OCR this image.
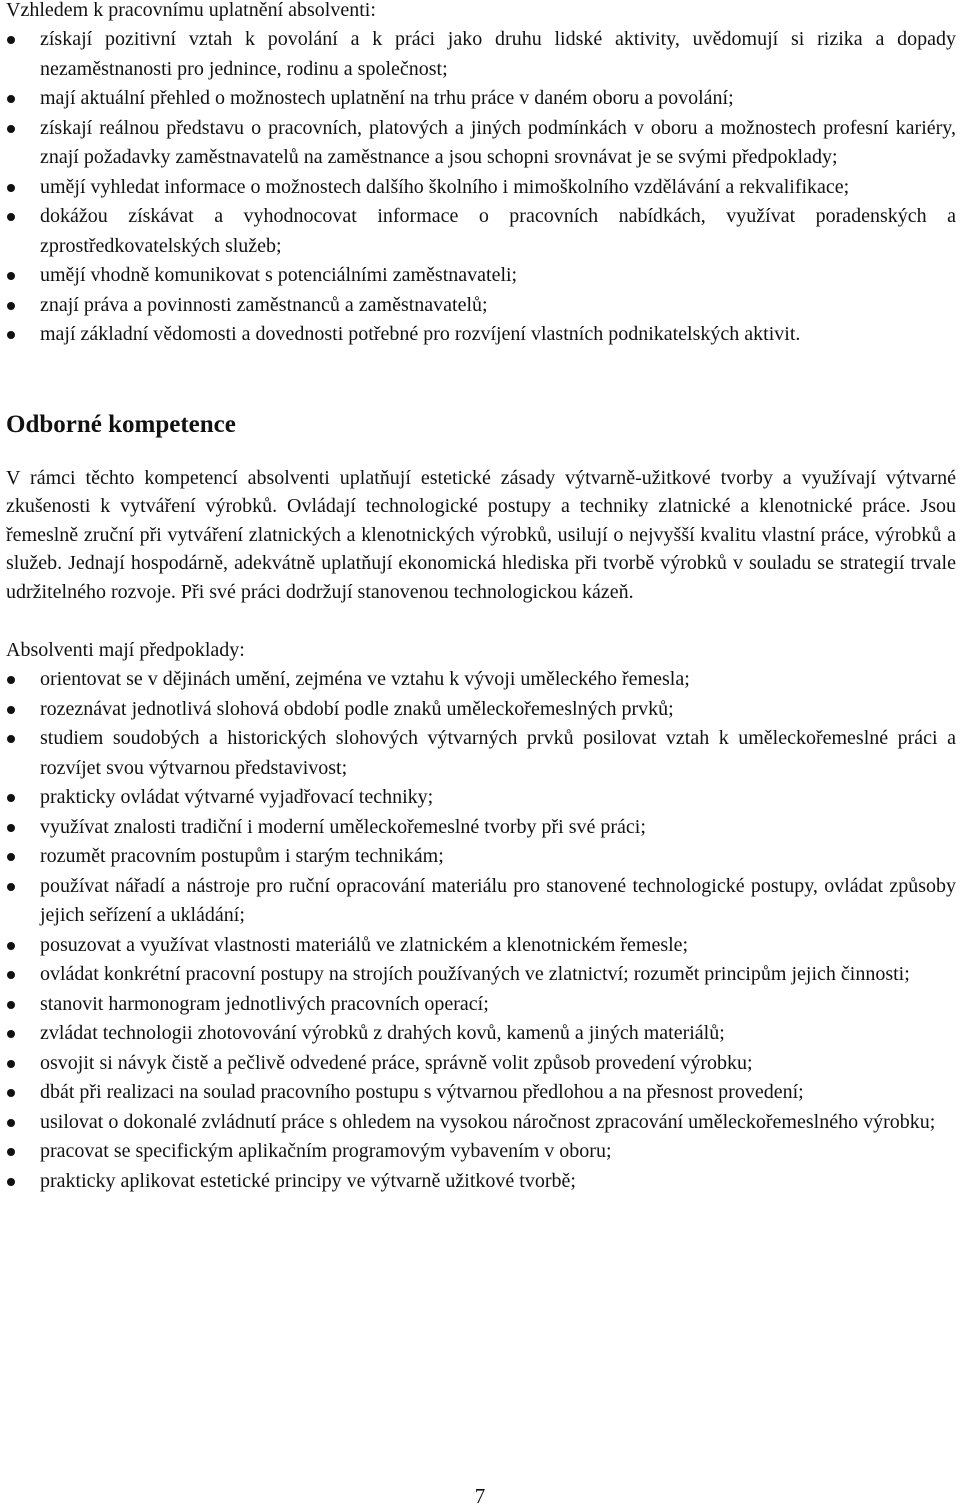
Vzhledem k pracovnímu uplatnění absolventi:

získají pozitivní vztah k povolání a k práci jako druhu lidské aktivity, uvědomují si rizika a dopady nezaměstnanosti pro jednince, rodinu a společnost;
mají aktuální přehled o možnostech uplatnění na trhu práce v daném oboru a povolání;
získají reálnou představu o pracovních, platových a jiných podmínkách v oboru a možnostech profesní kariéry, znají požadavky zaměstnavatelů na zaměstnance a jsou schopni srovnávat je se svými předpoklady;
umějí vyhledat informace o možnostech dalšího školního i mimoškolního vzdělávání a rekvalifikace;
dokážou získávat a vyhodnocovat informace o pracovních nabídkách, využívat poradenských a zprostředkovatelských služeb;
umějí vhodně komunikovat s potenciálními zaměstnavateli;
znají práva a povinnosti zaměstnanců a zaměstnavatelů;
mají základní vědomosti a dovednosti potřebné pro rozvíjení vlastních podnikatelských aktivit.
Odborné kompetence

V rámci těchto kompetencí absolventi uplatňují estetické zásady výtvarně-užitkové tvorby a využívají výtvarné zkušenosti k vytváření výrobků. Ovládají technologické postupy a techniky zlatnické a klenotnické práce. Jsou řemeslně zruční při vytváření zlatnických a klenotnických výrobků, usilují o nejvyšší kvalitu vlastní práce, výrobků a služeb. Jednají hospodárně, adekvátně uplatňují ekonomická hlediska při tvorbě výrobků v souladu se strategií trvale udržitelného rozvoje. Při své práci dodržují stanovenou technologickou kázeň.

Absolventi mají předpoklady:

orientovat se v dějinách umění, zejména ve vztahu k vývoji uměleckého řemesla;
rozeznávat jednotlivá slohová období podle znaků uměleckořemeslných prvků;
studiem soudobých a historických slohových výtvarných prvků posilovat vztah k uměleckořemeslné práci a rozvíjet svou výtvarnou představivost;
prakticky ovládat výtvarné vyjadřovací techniky;
využívat znalosti tradiční i moderní uměleckořemeslné tvorby při své práci;
rozumět pracovním postupům i starým technikám;
používat nářadí a nástroje pro ruční opracování materiálu pro stanovené technologické postupy, ovládat způsoby jejich seřízení a ukládání;
posuzovat a využívat vlastnosti materiálů ve zlatnickém a klenotnickém řemesle;
ovládat konkrétní pracovní postupy na strojích používaných ve zlatnictví; rozumět principům jejich činnosti;
stanovit harmonogram jednotlivých pracovních operací;
zvládat technologii zhotovování výrobků z drahých kovů, kamenů a jiných materiálů;
osvojit si návyk čistě a pečlivě odvedené práce, správně volit způsob provedení výrobku;
dbát při realizaci na soulad pracovního postupu s výtvarnou předlohou a na přesnost provedení;
usilovat o dokonalé zvládnutí práce s ohledem na vysokou náročnost zpracování uměleckořemeslného výrobku;
pracovat se specifickým aplikačním programovým vybavením v oboru;
prakticky aplikovat estetické principy ve výtvarně užitkové tvorbě;

7
